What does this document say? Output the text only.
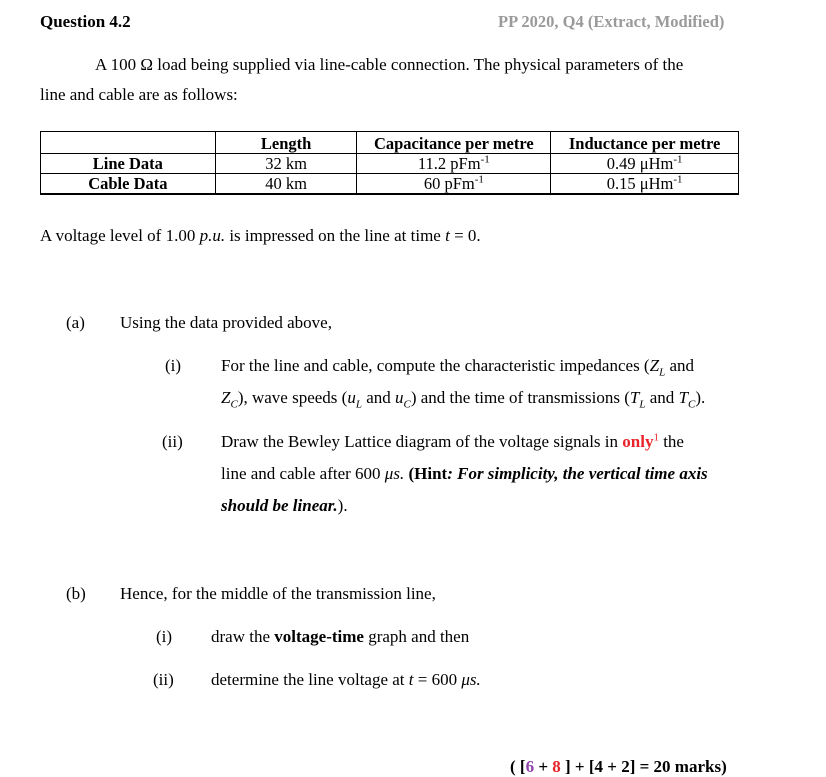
Question 4.2	PP 2020, Q4 (Extract, Modified)
A 100 Ω load being supplied via line-cable connection. The physical parameters of the
line and cable are as follows:
	Length	Capacitance per metre	Inductance per metre
Line Data	32 km	11.2 pFm$^{-1}$	0.49 μHm$^{-1}$
Cable Data	40 km	60 pFm$^{-1}$	0.15 μHm$^{-1}$
A voltage level of 1.00 p.u. is impressed on the line at time t = 0.
(a) Using the data provided above,
(i) For the line and cable, compute the characteristic impedances ($Z_L$ and
$Z_C$), wave speeds ($u_L$ and $u_C$) and the time of transmissions ($T_L$ and $T_C$).
(ii) Draw the Bewley Lattice diagram of the voltage signals in only$^1$ the
line and cable after 600 μs. (Hint: For simplicity, the vertical time axis
should be linear.).
(b) Hence, for the middle of the transmission line,
(i) draw the voltage-time graph and then
(ii) determine the line voltage at t = 600 μs.
( [6 + 8 ] + [4 + 2] = 20 marks)
